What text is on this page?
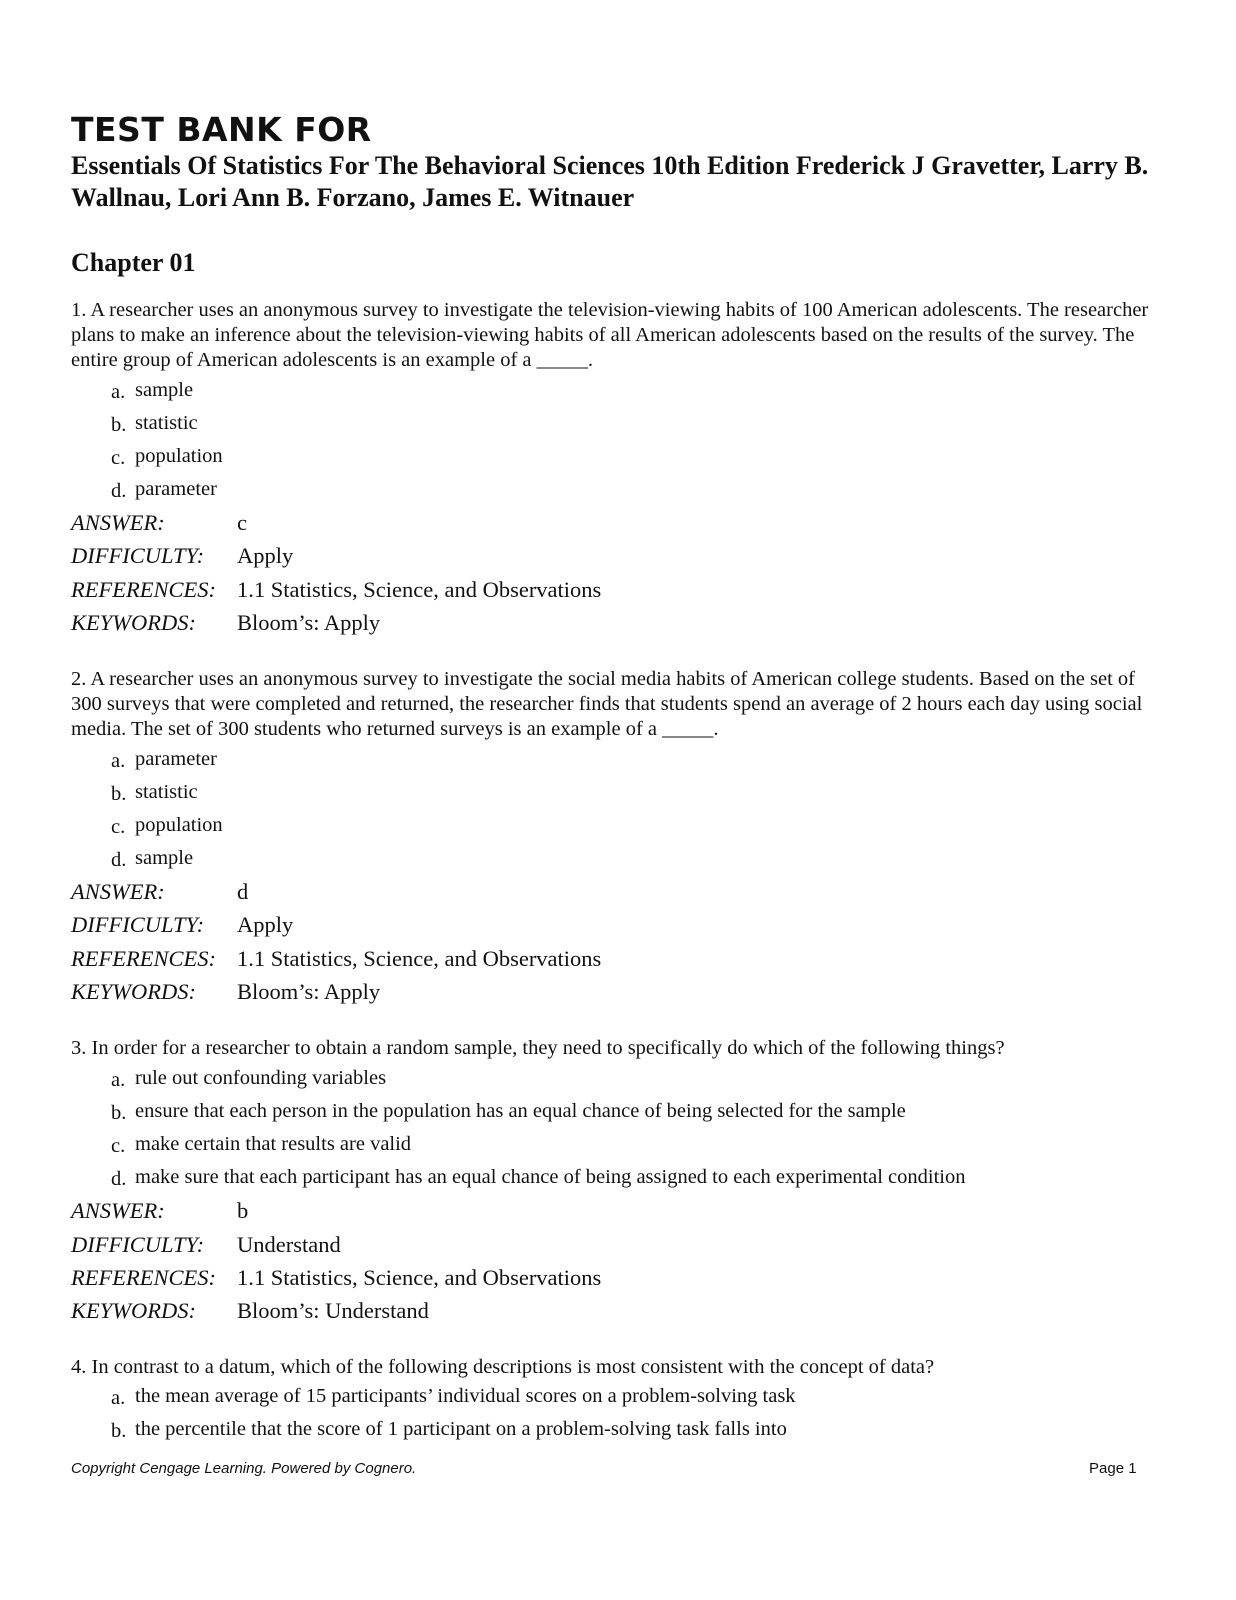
TEST BANK FOR
Essentials Of Statistics For The Behavioral Sciences 10th Edition Frederick J Gravetter, Larry B. Wallnau, Lori Ann B. Forzano, James E. Witnauer
Chapter 01
1. A researcher uses an anonymous survey to investigate the television-viewing habits of 100 American adolescents. The researcher plans to make an inference about the television-viewing habits of all American adolescents based on the results of the survey. The entire group of American adolescents is an example of a _____.
a. sample
b. statistic
c. population
d. parameter
ANSWER:	c
DIFFICULTY: Apply
REFERENCES: 1.1 Statistics, Science, and Observations
KEYWORDS: Bloom’s: Apply
2. A researcher uses an anonymous survey to investigate the social media habits of American college students. Based on the set of 300 surveys that were completed and returned, the researcher finds that students spend an average of 2 hours each day using social media. The set of 300 students who returned surveys is an example of a _____.
a. parameter
b. statistic
c. population
d. sample
ANSWER:	d
DIFFICULTY: Apply
REFERENCES: 1.1 Statistics, Science, and Observations
KEYWORDS: Bloom’s: Apply
3. In order for a researcher to obtain a random sample, they need to specifically do which of the following things?
a. rule out confounding variables
b. ensure that each person in the population has an equal chance of being selected for the sample
c. make certain that results are valid
d. make sure that each participant has an equal chance of being assigned to each experimental condition
ANSWER:	b
DIFFICULTY: Understand
REFERENCES: 1.1 Statistics, Science, and Observations
KEYWORDS: Bloom’s: Understand
4. In contrast to a datum, which of the following descriptions is most consistent with the concept of data?
a. the mean average of 15 participants’ individual scores on a problem-solving task
b. the percentile that the score of 1 participant on a problem-solving task falls into
Copyright Cengage Learning. Powered by Cognero.	Page 1
